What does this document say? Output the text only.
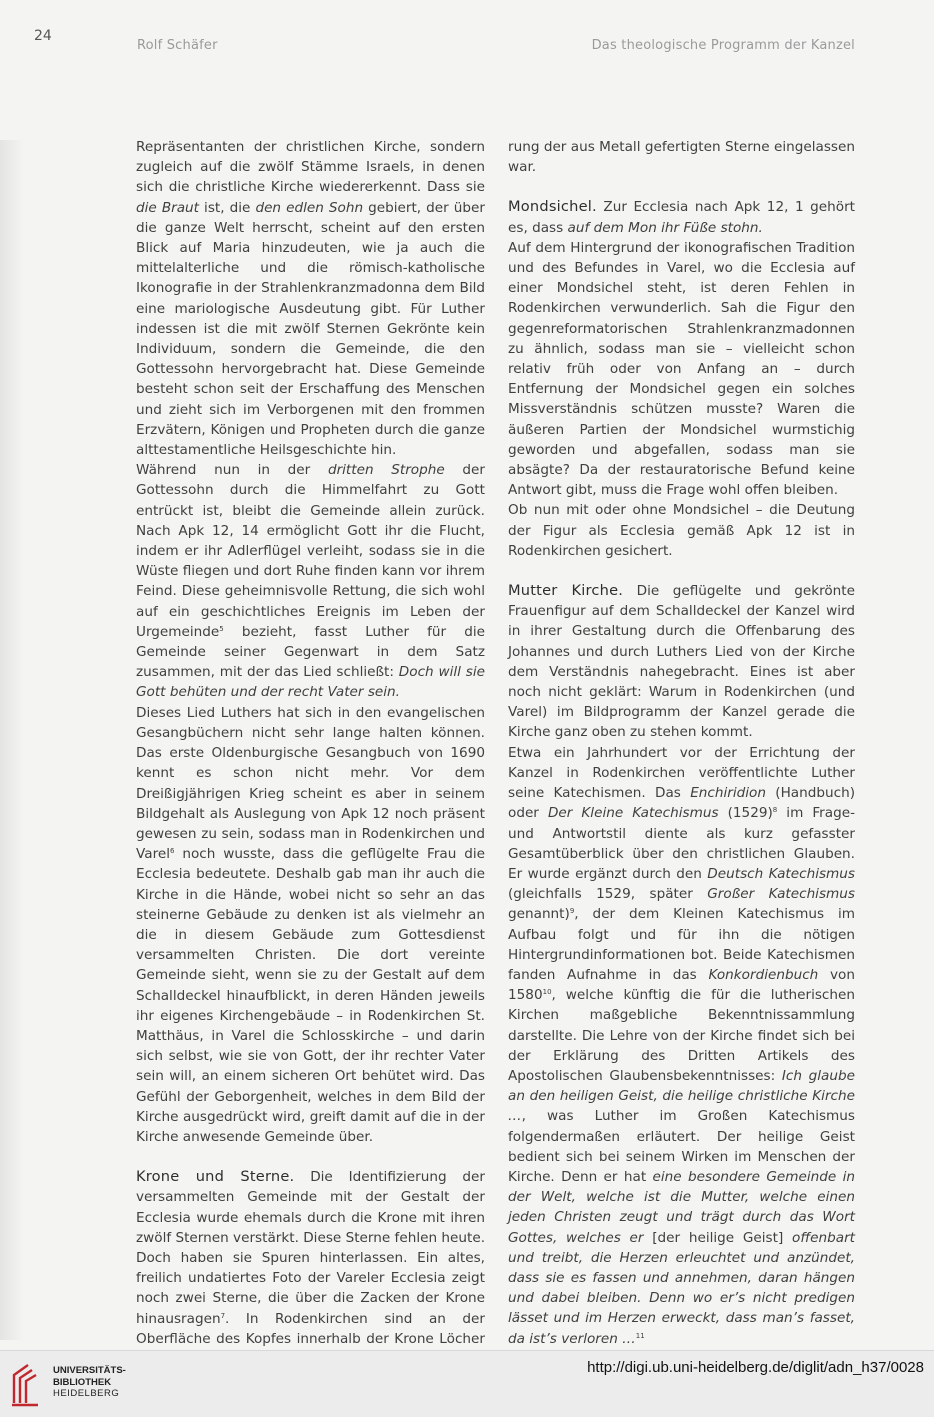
24
Rolf Schäfer	Das theologische Programm der Kanzel

Repräsentanten der christlichen Kirche, sondern zugleich auf die zwölf Stämme Israels, in denen sich die christliche Kirche wiedererkennt. Dass sie die Braut ist, die den edlen Sohn gebiert, der über die ganze Welt herrscht, scheint auf den ersten Blick auf Maria hinzudeuten, wie ja auch die mittelalterliche und die römisch-katholische Ikonografie in der Strahlenkranzmadonna dem Bild eine mariologische Ausdeutung gibt. Für Luther indessen ist die mit zwölf Sternen Gekrönte kein Individuum, sondern die Gemeinde, die den Gottessohn hervorgebracht hat. Diese Gemeinde besteht schon seit der Erschaffung des Menschen und zieht sich im Verborgenen mit den frommen Erzvätern, Königen und Propheten durch die ganze alttestamentliche Heilsgeschichte hin.

Während nun in der dritten Strophe der Gottessohn durch die Himmelfahrt zu Gott entrückt ist, bleibt die Gemeinde allein zurück. Nach Apk 12, 14 ermöglicht Gott ihr die Flucht, indem er ihr Adlerflügel verleiht, sodass sie in die Wüste fliegen und dort Ruhe finden kann vor ihrem Feind. Diese geheimnisvolle Rettung, die sich wohl auf ein geschichtliches Ereignis im Leben der Urgemeinde$^5$ bezieht, fasst Luther für die Gemeinde seiner Gegenwart in dem Satz zusammen, mit der das Lied schließt: Doch will sie Gott behüten und der recht Vater sein.

Dieses Lied Luthers hat sich in den evangelischen Gesangbüchern nicht sehr lange halten können. Das erste Oldenburgische Gesangbuch von 1690 kennt es schon nicht mehr. Vor dem Dreißigjährigen Krieg scheint es aber in seinem Bildgehalt als Auslegung von Apk 12 noch präsent gewesen zu sein, sodass man in Rodenkirchen und Varel$^6$ noch wusste, dass die geflügelte Frau die Ecclesia bedeutete. Deshalb gab man ihr auch die Kirche in die Hände, wobei nicht so sehr an das steinerne Gebäude zu denken ist als vielmehr an die in diesem Gebäude zum Gottesdienst versammelten Christen. Die dort vereinte Gemeinde sieht, wenn sie zu der Gestalt auf dem Schalldeckel hinaufblickt, in deren Händen jeweils ihr eigenes Kirchengebäude – in Rodenkirchen St. Matthäus, in Varel die Schlosskirche – und darin sich selbst, wie sie von Gott, der ihr rechter Vater sein will, an einem sicheren Ort behütet wird. Das Gefühl der Geborgenheit, welches in dem Bild der Kirche ausgedrückt wird, greift damit auf die in der Kirche anwesende Gemeinde über.

Krone und Sterne. Die Identifizierung der versammelten Gemeinde mit der Gestalt der Ecclesia wurde ehemals durch die Krone mit ihren zwölf Sternen verstärkt. Diese Sterne fehlen heute. Doch haben sie Spuren hinterlassen. Ein altes, freilich undatiertes Foto der Vareler Ecclesia zeigt noch zwei Sterne, die über die Zacken der Krone hinausragen$^7$. In Rodenkirchen sind an der Oberfläche des Kopfes innerhalb der Krone Löcher

rung der aus Metall gefertigten Sterne eingelassen war.

Mondsichel. Zur Ecclesia nach Apk 12, 1 gehört es, dass auf dem Mon ihr Füße stohn.

Auf dem Hintergrund der ikonografischen Tradition und des Befundes in Varel, wo die Ecclesia auf einer Mondsichel steht, ist deren Fehlen in Rodenkirchen verwunderlich. Sah die Figur den gegenreformatorischen Strahlenkranzmadonnen zu ähnlich, sodass man sie – vielleicht schon relativ früh oder von Anfang an – durch Entfernung der Mondsichel gegen ein solches Missverständnis schützen musste? Waren die äußeren Partien der Mondsichel wurmstichig geworden und abgefallen, sodass man sie absägte? Da der restauratorische Befund keine Antwort gibt, muss die Frage wohl offen bleiben.

Ob nun mit oder ohne Mondsichel – die Deutung der Figur als Ecclesia gemäß Apk 12 ist in Rodenkirchen gesichert.

Mutter Kirche. Die geflügelte und gekrönte Frauenfigur auf dem Schalldeckel der Kanzel wird in ihrer Gestaltung durch die Offenbarung des Johannes und durch Luthers Lied von der Kirche dem Verständnis nahegebracht. Eines ist aber noch nicht geklärt: Warum in Rodenkirchen (und Varel) im Bildprogramm der Kanzel gerade die Kirche ganz oben zu stehen kommt.

Etwa ein Jahrhundert vor der Errichtung der Kanzel in Rodenkirchen veröffentlichte Luther seine Katechismen. Das Enchiridion (Handbuch) oder Der Kleine Katechismus $(1529)^8$ im Frage- und Antwortstil diente als kurz gefasster Gesamtüberblick über den christlichen Glauben. Er wurde ergänzt durch den Deutsch Katechismus (gleichfalls 1529, später Großer Katechismus genannt)$^9$, der dem Kleinen Katechismus im Aufbau folgt und für ihn die nötigen Hintergrundinformationen bot. Beide Katechismen fanden Aufnahme in das Konkordienbuch von 1580$^{10}$, welche künftig die für die lutherischen Kirchen maßgebliche Bekenntnissammlung darstellte. Die Lehre von der Kirche findet sich bei der Erklärung des Dritten Artikels des Apostolischen Glaubensbekenntnisses: Ich glaube an den heiligen Geist, die heilige christliche Kirche …, was Luther im Großen Katechismus folgendermaßen erläutert. Der heilige Geist bedient sich bei seinem Wirken im Menschen der Kirche. Denn er hat eine besondere Gemeinde in der Welt, welche ist die Mutter, welche einen jeden Christen zeugt und trägt durch das Wort Gottes, welches er [der heilige Geist] offenbart und treibt, die Herzen erleuchtet und anzündet, dass sie es fassen und annehmen, daran hängen und dabei bleiben. Denn wo er’s nicht predigen lässet und im Herzen erweckt, dass man’s fasset, da ist’s verloren …$^{11}$

UNIVERSITÄTS-
BIBLIOTHEK
HEIDELBERG
http://digi.ub.uni-heidelberg.de/diglit/adn_h37/0028
